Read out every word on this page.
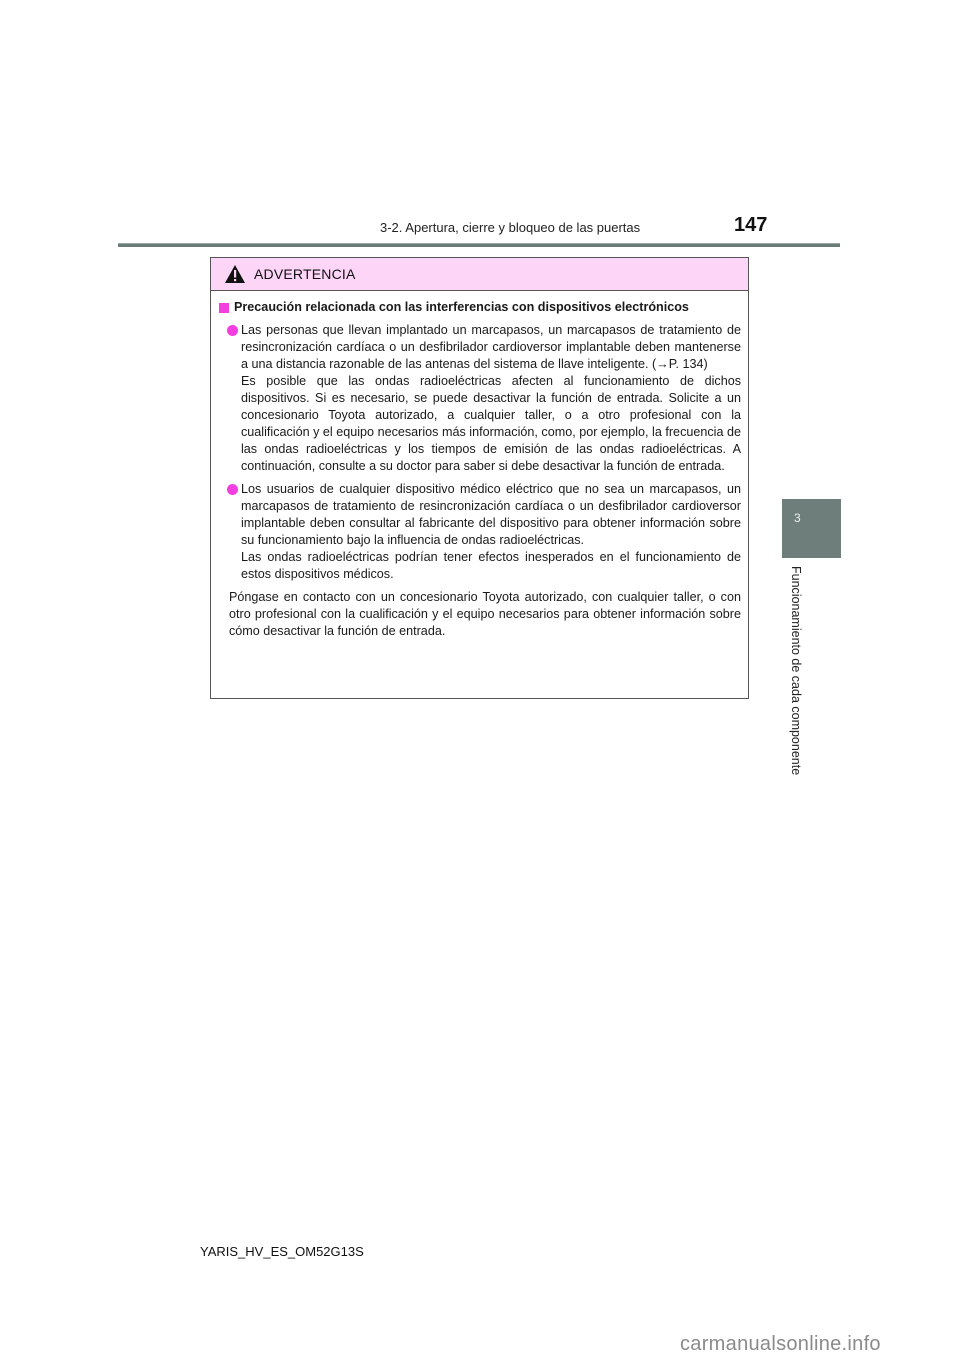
3-2. Apertura, cierre y bloqueo de las puertas	147
3
Funcionamiento de cada componente
ADVERTENCIA
Precaución relacionada con las interferencias con dispositivos electrónicos

Las personas que llevan implantado un marcapasos, un marcapasos de tratamiento de resincronización cardíaca o un desfibrilador cardioversor implantable deben mantenerse a una distancia razonable de las antenas del sistema de llave inteligente. (→P. 134)

Es posible que las ondas radioeléctricas afecten al funcionamiento de dichos dispositivos. Si es necesario, se puede desactivar la función de entrada. Solicite a un concesionario Toyota autorizado, a cualquier taller, o a otro profesional con la cualificación y el equipo necesarios más información, como, por ejemplo, la frecuencia de las ondas radioeléctricas y los tiempos de emisión de las ondas radioeléctricas. A continuación, consulte a su doctor para saber si debe desactivar la función de entrada.

Los usuarios de cualquier dispositivo médico eléctrico que no sea un marcapasos, un marcapasos de tratamiento de resincronización cardíaca o un desfibrilador cardioversor implantable deben consultar al fabricante del dispositivo para obtener información sobre su funcionamiento bajo la influencia de ondas radioeléctricas.

Las ondas radioeléctricas podrían tener efectos inesperados en el funcionamiento de estos dispositivos médicos.

Póngase en contacto con un concesionario Toyota autorizado, con cualquier taller, o con otro profesional con la cualificación y el equipo necesarios para obtener información sobre cómo desactivar la función de entrada.

YARIS_HV_ES_OM52G13S
carmanualsonline.info
